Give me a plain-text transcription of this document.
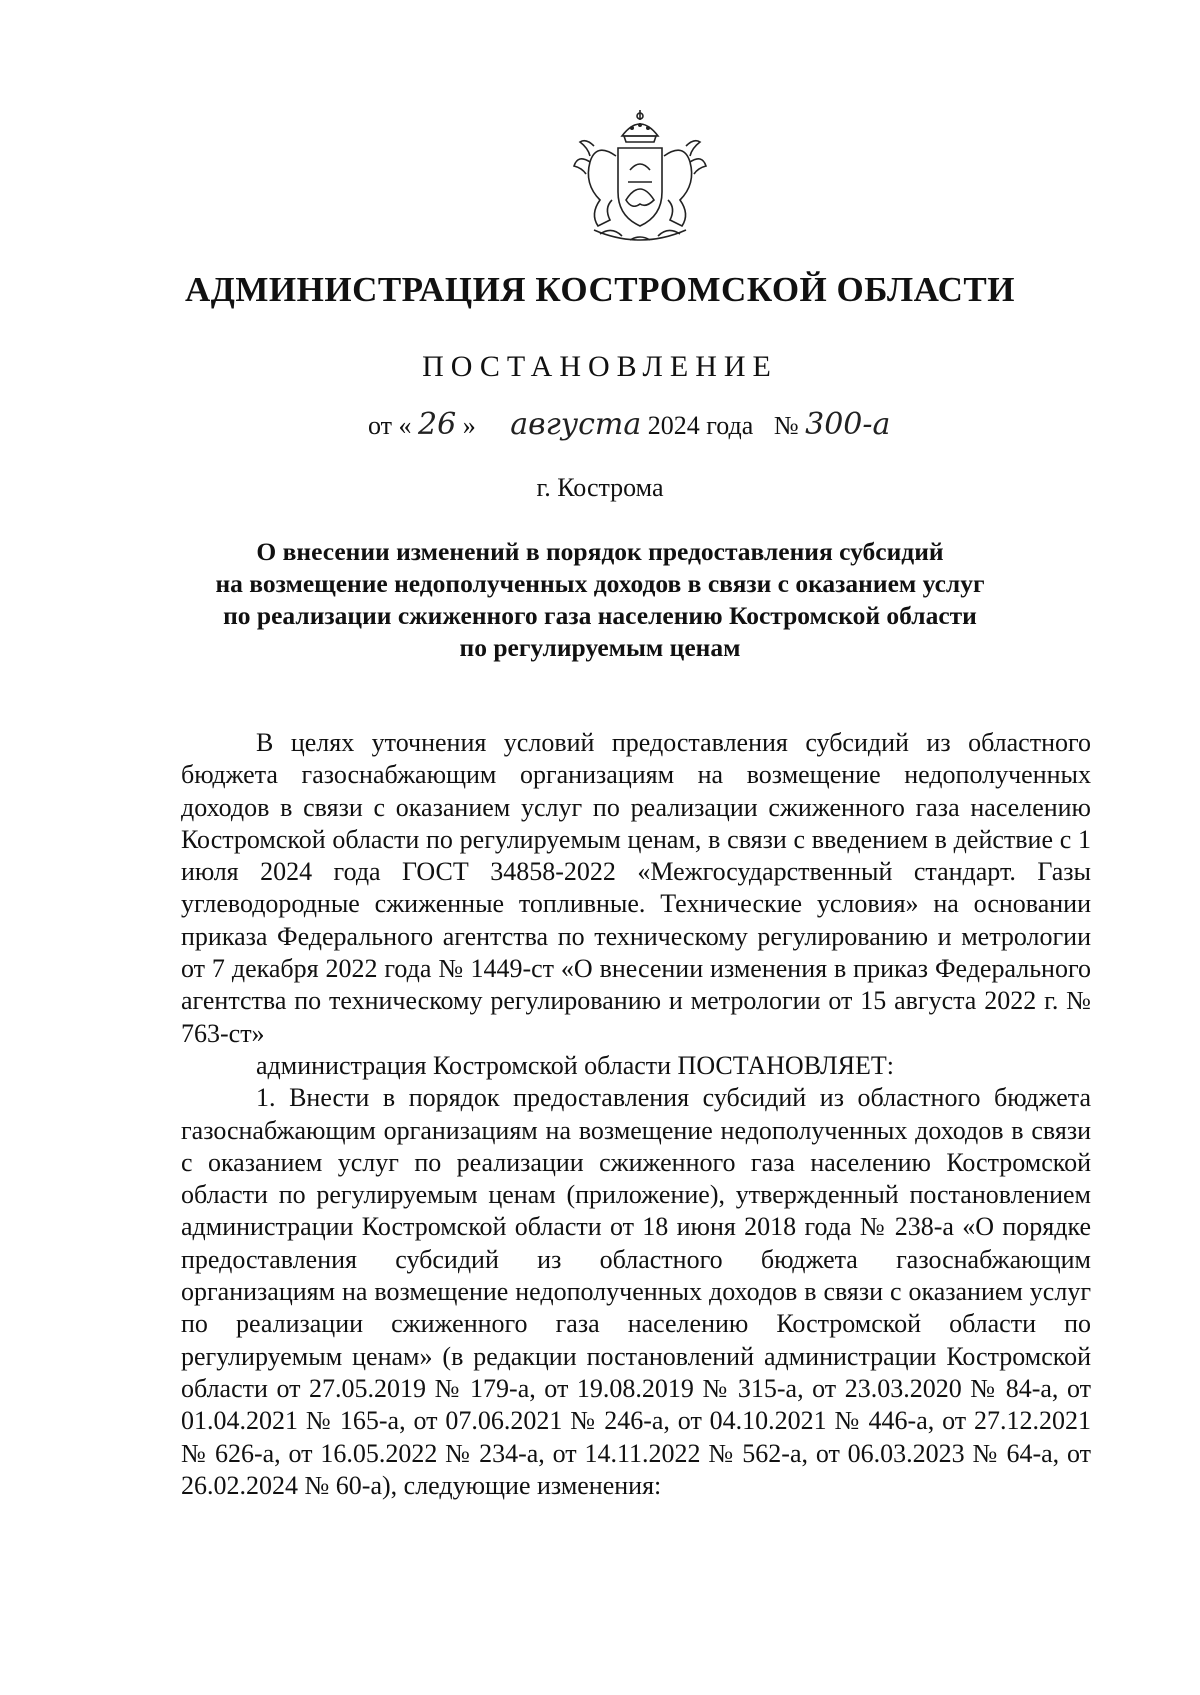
АДМИНИСТРАЦИЯ КОСТРОМСКОЙ ОБЛАСТИ
ПОСТАНОВЛЕНИЕ
от « 26 » августа 2024 года № 300-а
г. Кострома
О внесении изменений в порядок предоставления субсидий
на возмещение недополученных доходов в связи с оказанием услуг
по реализации сжиженного газа населению Костромской области
по регулируемым ценам

В целях уточнения условий предоставления субсидий из областного бюджета газоснабжающим организациям на возмещение недополученных доходов в связи с оказанием услуг по реализации сжиженного газа населению Костромской области по регулируемым ценам, в связи с введением в действие с 1 июля 2024 года ГОСТ 34858-2022 «Межгосударственный стандарт. Газы углеводородные сжиженные топливные. Технические условия» на основании приказа Федерального агентства по техническому регулированию и метрологии от 7 декабря 2022 года № 1449-ст «О внесении изменения в приказ Федерального агентства по техническому регулированию и метрологии от 15 августа 2022 г. № 763-ст»

администрация Костромской области ПОСТАНОВЛЯЕТ:

1. Внести в порядок предоставления субсидий из областного бюджета газоснабжающим организациям на возмещение недополученных доходов в связи с оказанием услуг по реализации сжиженного газа населению Костромской области по регулируемым ценам (приложение), утвержденный постановлением администрации Костромской области от 18 июня 2018 года № 238-а «О порядке предоставления субсидий из областного бюджета газоснабжающим организациям на возмещение недополученных доходов в связи с оказанием услуг по реализации сжиженного газа населению Костромской области по регулируемым ценам» (в редакции постановлений администрации Костромской области от 27.05.2019 № 179-а, от 19.08.2019 № 315-а, от 23.03.2020 № 84-а, от 01.04.2021 № 165-а, от 07.06.2021 № 246-а, от 04.10.2021 № 446-а, от 27.12.2021 № 626-а, от 16.05.2022 № 234-а, от 14.11.2022 № 562-а, от 06.03.2023 № 64-а, от 26.02.2024 № 60-а), следующие изменения:
